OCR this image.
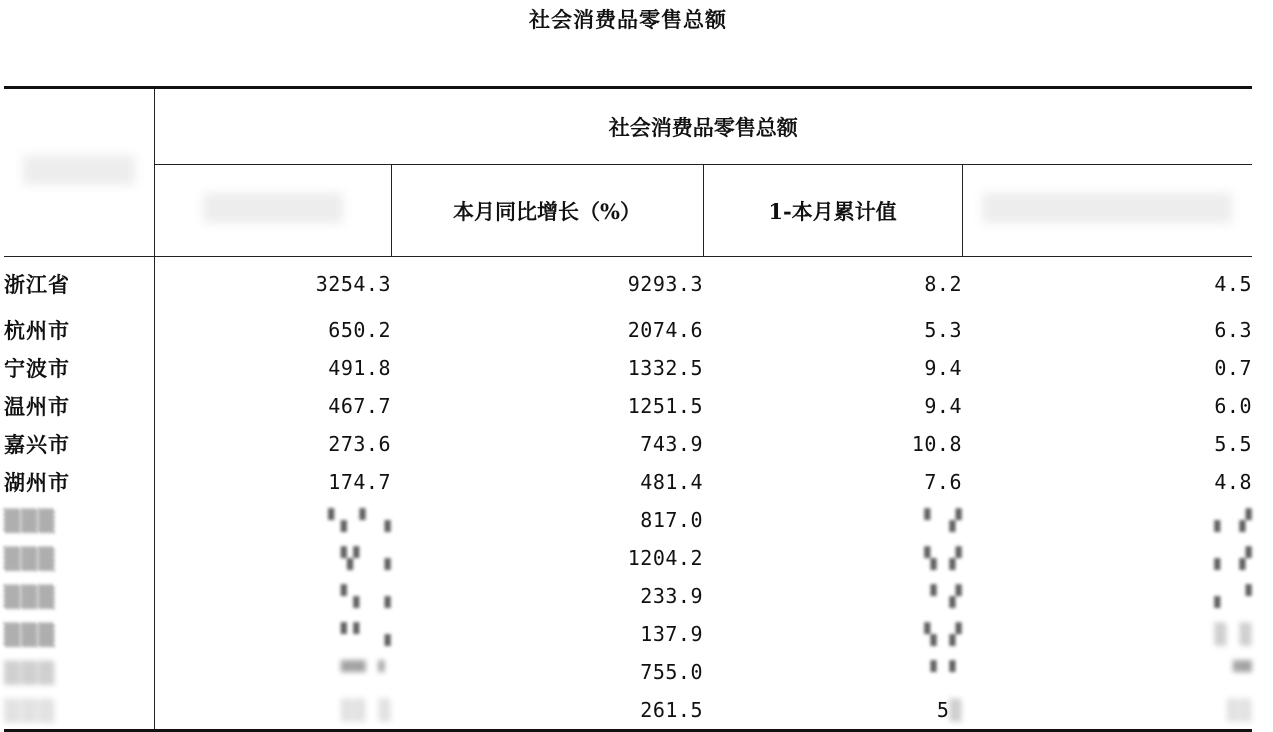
社会消费品零售总额
	社会消费品零售总额			
		本月同比增长（%）	1-本月累计值	
浙江省	3254.3	9293.3	8.2	4.5
杭州市	650.2	2074.6	5.3	6.3
宁波市	491.8	1332.5	9.4	0.7
温州市	467.7	1251.5	9.4	6.0
嘉兴市	273.6	743.9	10.8	5.5
湖州市	174.7	481.4	7.6	4.8
▒▒▒	▘▖▝ ▗	817.0	▘ ▞	▖ ▞
▒▒▒	▚▘ ▗	1204.2	▚ ▞	▖ ▞
▒▒▒	▘▖ ▗	233.9	▝ ▞	▖ ▝
▒▒▒	▘▘ ▗	137.9	▚ ▞	▒ ▒
▒▒▒	▀▀ ▘	755.0	▝ ▘	▝▀
▒▒▒	▒▒ ▒	261.5	5▒	▒▒
